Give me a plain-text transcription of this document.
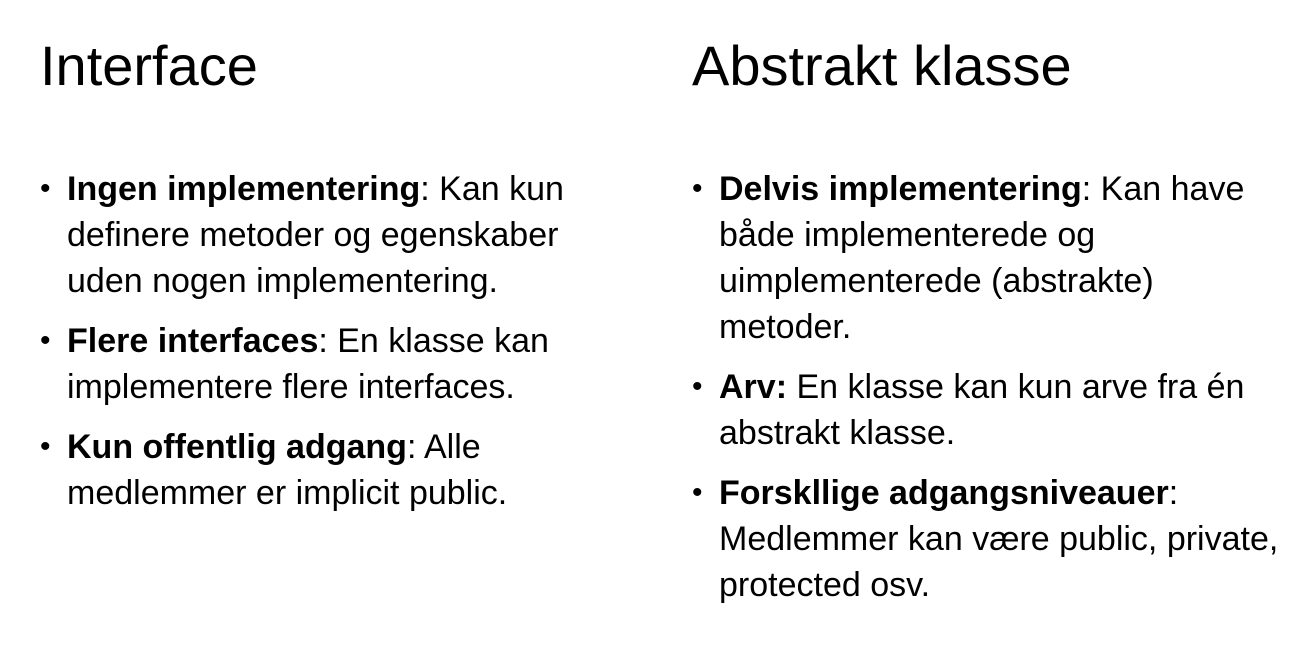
Interface
• Ingen implementering: Kan kun definere metoder og egenskaber uden nogen implementering.
• Flere interfaces: En klasse kan implementere flere interfaces.
• Kun offentlig adgang: Alle medlemmer er implicit public.
Abstrakt klasse
• Delvis implementering: Kan have både implementerede og uimplementerede (abstrakte) metoder.
• Arv: En klasse kan kun arve fra én abstrakt klasse.
• Forskllige adgangsniveauer: Medlemmer kan være public, private, protected osv.
